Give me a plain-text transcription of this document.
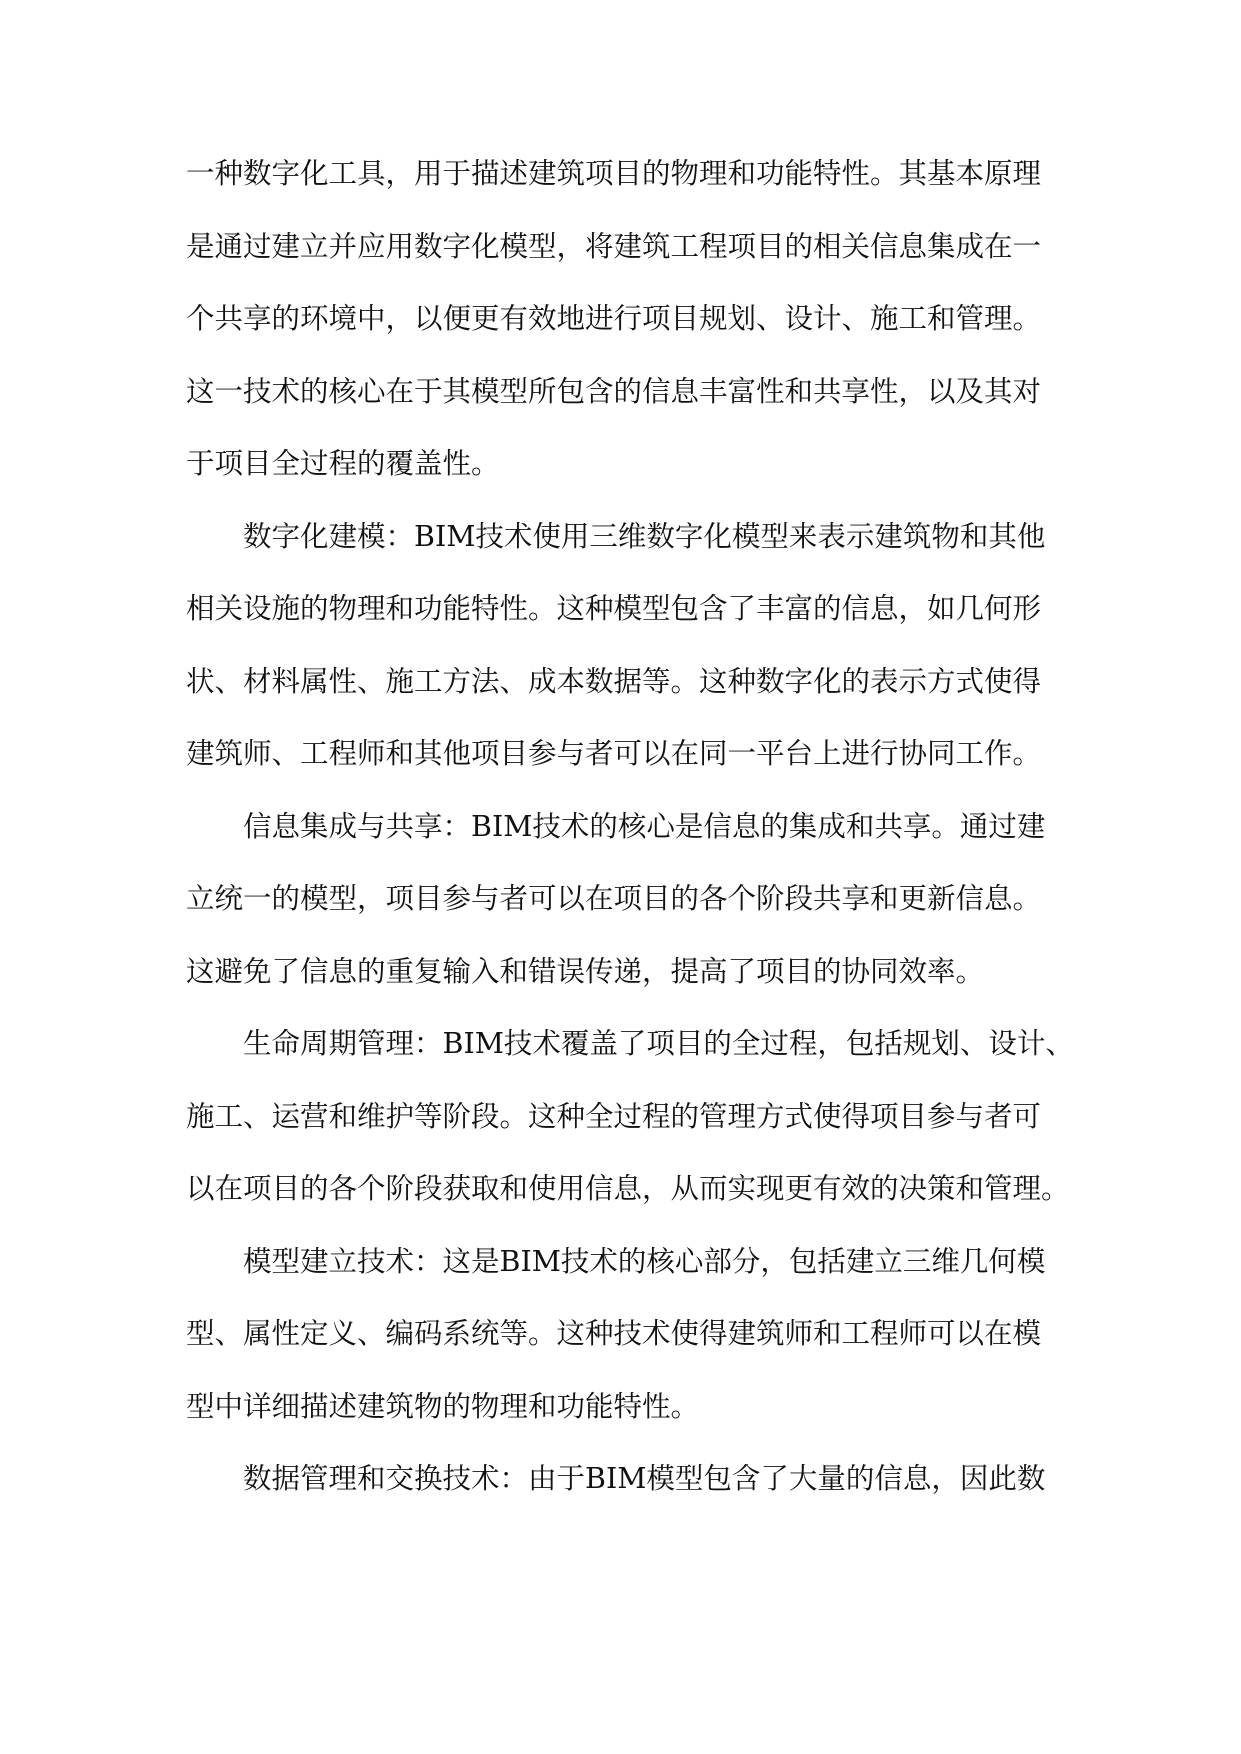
一种数字化工具，用于描述建筑项目的物理和功能特性。其基本原理
是通过建立并应用数字化模型，将建筑工程项目的相关信息集成在一
个共享的环境中，以便更有效地进行项目规划、设计、施工和管理。
这一技术的核心在于其模型所包含的信息丰富性和共享性，以及其对
于项目全过程的覆盖性。
数字化建模：BIM技术使用三维数字化模型来表示建筑物和其他
相关设施的物理和功能特性。这种模型包含了丰富的信息，如几何形
状、材料属性、施工方法、成本数据等。这种数字化的表示方式使得
建筑师、工程师和其他项目参与者可以在同一平台上进行协同工作。
信息集成与共享：BIM技术的核心是信息的集成和共享。通过建
立统一的模型，项目参与者可以在项目的各个阶段共享和更新信息。
这避免了信息的重复输入和错误传递，提高了项目的协同效率。
生命周期管理：BIM技术覆盖了项目的全过程，包括规划、设计、
施工、运营和维护等阶段。这种全过程的管理方式使得项目参与者可
以在项目的各个阶段获取和使用信息，从而实现更有效的决策和管理。
模型建立技术：这是BIM技术的核心部分，包括建立三维几何模
型、属性定义、编码系统等。这种技术使得建筑师和工程师可以在模
型中详细描述建筑物的物理和功能特性。
数据管理和交换技术：由于BIM模型包含了大量的信息，因此数
